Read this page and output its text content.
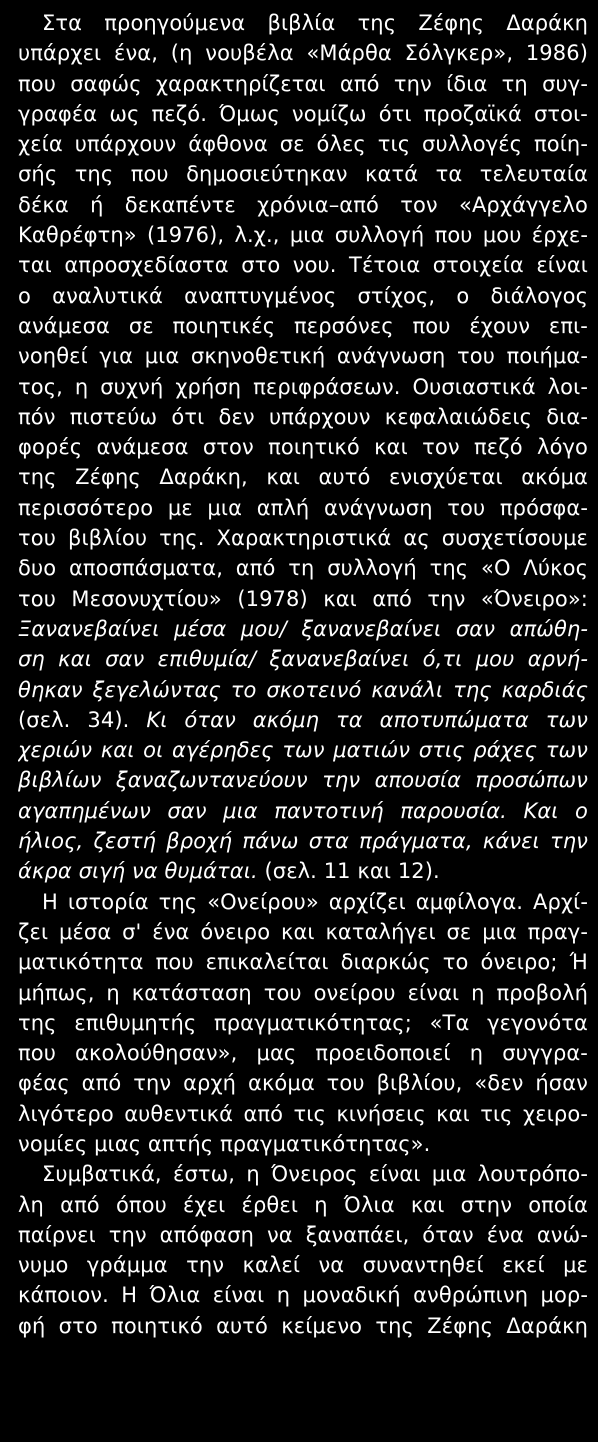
Στα προηγούμενα βιβλία της Ζέφης Δαράκη
υπάρχει ένα, (η νουβέλα «Μάρθα Σόλγκερ», 1986)
που σαφώς χαρακτηρίζεται από την ίδια τη συγ-
γραφέα ως πεζό. Όμως νομίζω ότι προζαϊκά στοι-
χεία υπάρχουν άφθονα σε όλες τις συλλογές ποίη-
σής της που δημοσιεύτηκαν κατά τα τελευταία
δέκα ή δεκαπέντε χρόνια–από τον «Αρχάγγελο
Καθρέφτη» (1976), λ.χ., μια συλλογή που μου έρχε-
ται απροσχεδίαστα στο νου. Τέτοια στοιχεία είναι
ο αναλυτικά αναπτυγμένος στίχος, ο διάλογος
ανάμεσα σε ποιητικές περσόνες που έχουν επι-
νοηθεί για μια σκηνοθετική ανάγνωση του ποιήμα-
τος, η συχνή χρήση περιφράσεων. Ουσιαστικά λοι-
πόν πιστεύω ότι δεν υπάρχουν κεφαλαιώδεις δια-
φορές ανάμεσα στον ποιητικό και τον πεζό λόγο
της Ζέφης Δαράκη, και αυτό ενισχύεται ακόμα
περισσότερο με μια απλή ανάγνωση του πρόσφα-
του βιβλίου της. Χαρακτηριστικά ας συσχετίσουμε
δυο αποσπάσματα, από τη συλλογή της «Ο Λύκος
του Μεσονυχτίου» (1978) και από την «Όνειρο»:
Ξανανεβαίνει μέσα μου/ ξανανεβαίνει σαν απώθη-
ση και σαν επιθυμία/ ξανανεβαίνει ό,τι μου αρνή-
θηκαν ξεγελώντας το σκοτεινό κανάλι της καρδιάς
(σελ. 34). Κι όταν ακόμη τα αποτυπώματα των
χεριών και οι αγέρηδες των ματιών στις ράχες των
βιβλίων ξαναζωντανεύουν την απουσία προσώπων
αγαπημένων σαν μια παντοτινή παρουσία. Και ο
ήλιος, ζεστή βροχή πάνω στα πράγματα, κάνει την
άκρα σιγή να θυμάται. (σελ. 11 και 12).
Η ιστορία της «Ονείρου» αρχίζει αμφίλογα. Αρχί-
ζει μέσα σ' ένα όνειρο και καταλήγει σε μια πραγ-
ματικότητα που επικαλείται διαρκώς το όνειρο; Ή
μήπως, η κατάσταση του ονείρου είναι η προβολή
της επιθυμητής πραγματικότητας; «Τα γεγονότα
που ακολούθησαν», μας προειδοποιεί η συγγρα-
φέας από την αρχή ακόμα του βιβλίου, «δεν ήσαν
λιγότερο αυθεντικά από τις κινήσεις και τις χειρο-
νομίες μιας απτής πραγματικότητας».
Συμβατικά, έστω, η Όνειρος είναι μια λουτρόπο-
λη από όπου έχει έρθει η Όλια και στην οποία
παίρνει την απόφαση να ξαναπάει, όταν ένα ανώ-
νυμο γράμμα την καλεί να συναντηθεί εκεί με
κάποιον. Η Όλια είναι η μοναδική ανθρώπινη μορ-
φή στο ποιητικό αυτό κείμενο της Ζέφης Δαράκη
